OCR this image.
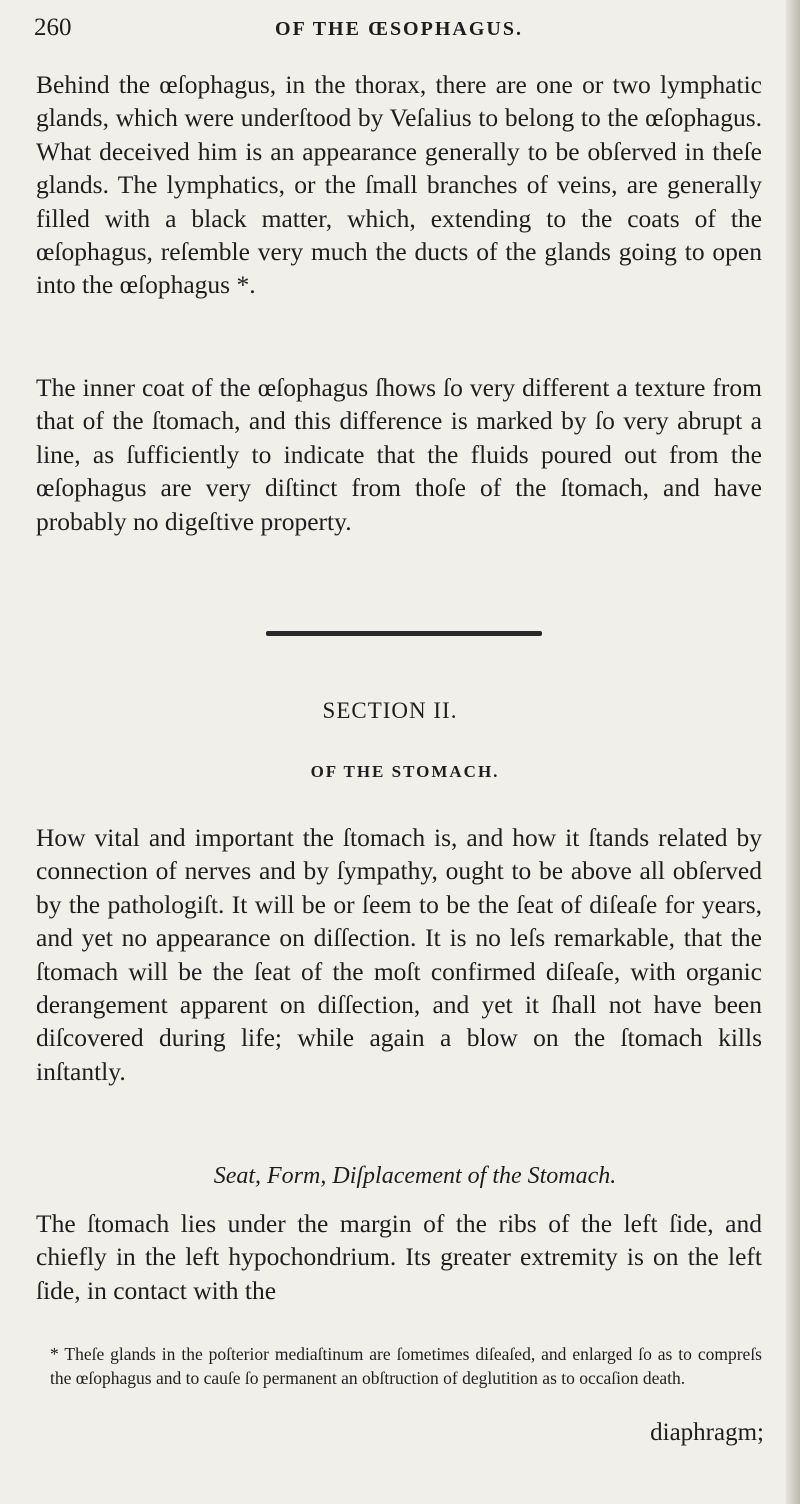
260	OF THE ŒSOPHAGUS.

Behind the œſophagus, in the thorax, there are one or two lymphatic glands, which were underſtood by Veſalius to belong to the œſophagus. What deceived him is an appearance generally to be obſerved in theſe glands. The lymphatics, or the ſmall branches of veins, are generally filled with a black matter, which, extending to the coats of the œſophagus, reſemble very much the ducts of the glands going to open into the œſophagus *.

The inner coat of the œſophagus ſhows ſo very different a texture from that of the ſtomach, and this difference is marked by ſo very abrupt a line, as ſufficiently to indicate that the fluids poured out from the œſophagus are very diſtinct from thoſe of the ſtomach, and have probably no digeſtive property.

SECTION II.
OF THE STOMACH.

How vital and important the ſtomach is, and how it ſtands related by connection of nerves and by ſympathy, ought to be above all obſerved by the pathologiſt. It will be or ſeem to be the ſeat of diſeaſe for years, and yet no appearance on diſſection. It is no leſs remarkable, that the ſtomach will be the ſeat of the moſt confirmed diſeaſe, with organic derangement apparent on diſſection, and yet it ſhall not have been diſcovered during life; while again a blow on the ſtomach kills inſtantly.

Seat, Form, Diſplacement of the Stomach.

The ſtomach lies under the margin of the ribs of the left ſide, and chiefly in the left hypochondrium. Its greater extremity is on the left ſide, in contact with the

* Theſe glands in the poſterior mediaſtinum are ſometimes diſeaſed, and enlarged ſo as to compreſs the œſophagus and to cauſe ſo permanent an obſtruction of deglutition as to occaſion death.

diaphragm;
